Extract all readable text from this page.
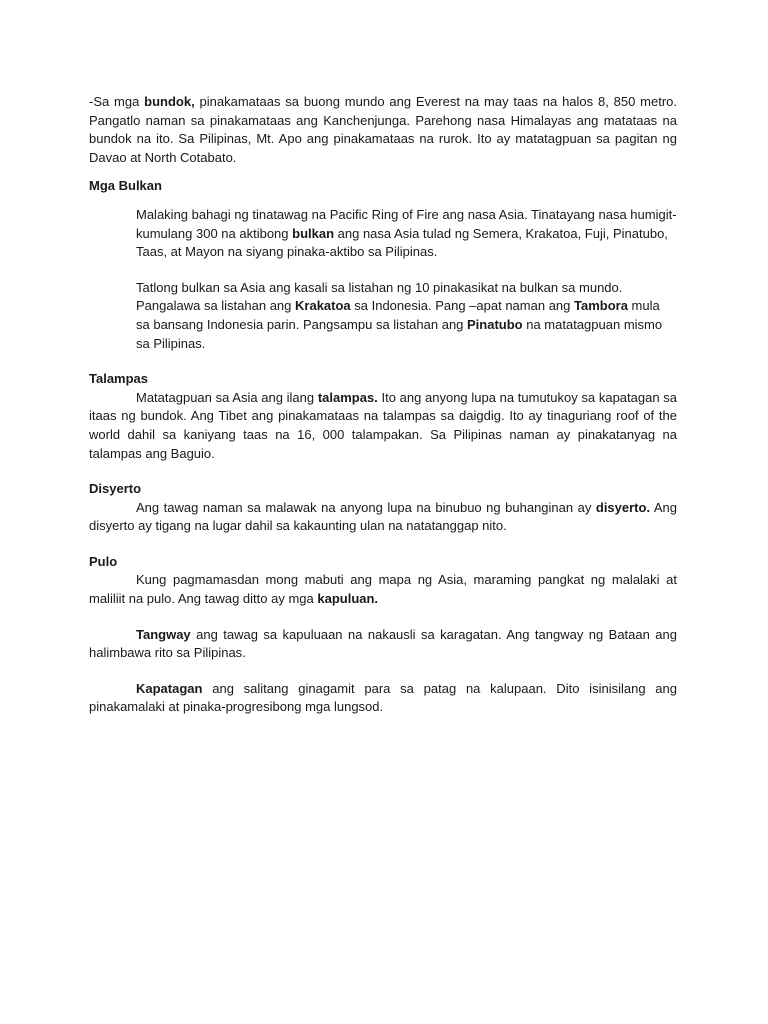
-Sa mga bundok, pinakamataas sa buong mundo ang Everest na may taas na halos 8, 850 metro. Pangatlo naman sa pinakamataas ang Kanchenjunga. Parehong nasa Himalayas ang matataas na bundok na ito. Sa Pilipinas, Mt. Apo ang pinakamataas na rurok. Ito ay matatagpuan sa pagitan ng Davao at North Cotabato.

Mga Bulkan

Malaking bahagi ng tinatawag na Pacific Ring of Fire ang nasa Asia. Tinatayang nasa humigit-kumulang 300 na aktibong bulkan ang nasa Asia tulad ng Semera, Krakatoa, Fuji, Pinatubo, Taas, at Mayon na siyang pinaka-aktibo sa Pilipinas.

Tatlong bulkan sa Asia ang kasali sa listahan ng 10 pinakasikat na bulkan sa mundo. Pangalawa sa listahan ang Krakatoa sa Indonesia. Pang –apat naman ang Tambora mula sa bansang Indonesia parin. Pangsampu sa listahan ang Pinatubo na matatagpuan mismo sa Pilipinas.

Talampas

Matatagpuan sa Asia ang ilang talampas. Ito ang anyong lupa na tumutukoy sa kapatagan sa itaas ng bundok. Ang Tibet ang pinakamataas na talampas sa daigdig. Ito ay tinaguriang roof of the world dahil sa kaniyang taas na 16, 000 talampakan. Sa Pilipinas naman ay pinakatanyag na talampas ang Baguio.

Disyerto

Ang tawag naman sa malawak na anyong lupa na binubuo ng buhanginan ay disyerto. Ang disyerto ay tigang na lugar dahil sa kakaunting ulan na natatanggap nito.

Pulo

Kung pagmamasdan mong mabuti ang mapa ng Asia, maraming pangkat ng malalaki at maliliit na pulo. Ang tawag ditto ay mga kapuluan.

Tangway ang tawag sa kapuluaan na nakausli sa karagatan. Ang tangway ng Bataan ang halimbawa rito sa Pilipinas.

Kapatagan ang salitang ginagamit para sa patag na kalupaan. Dito isinisilang ang pinakamalaki at pinaka-progresibong mga lungsod.
